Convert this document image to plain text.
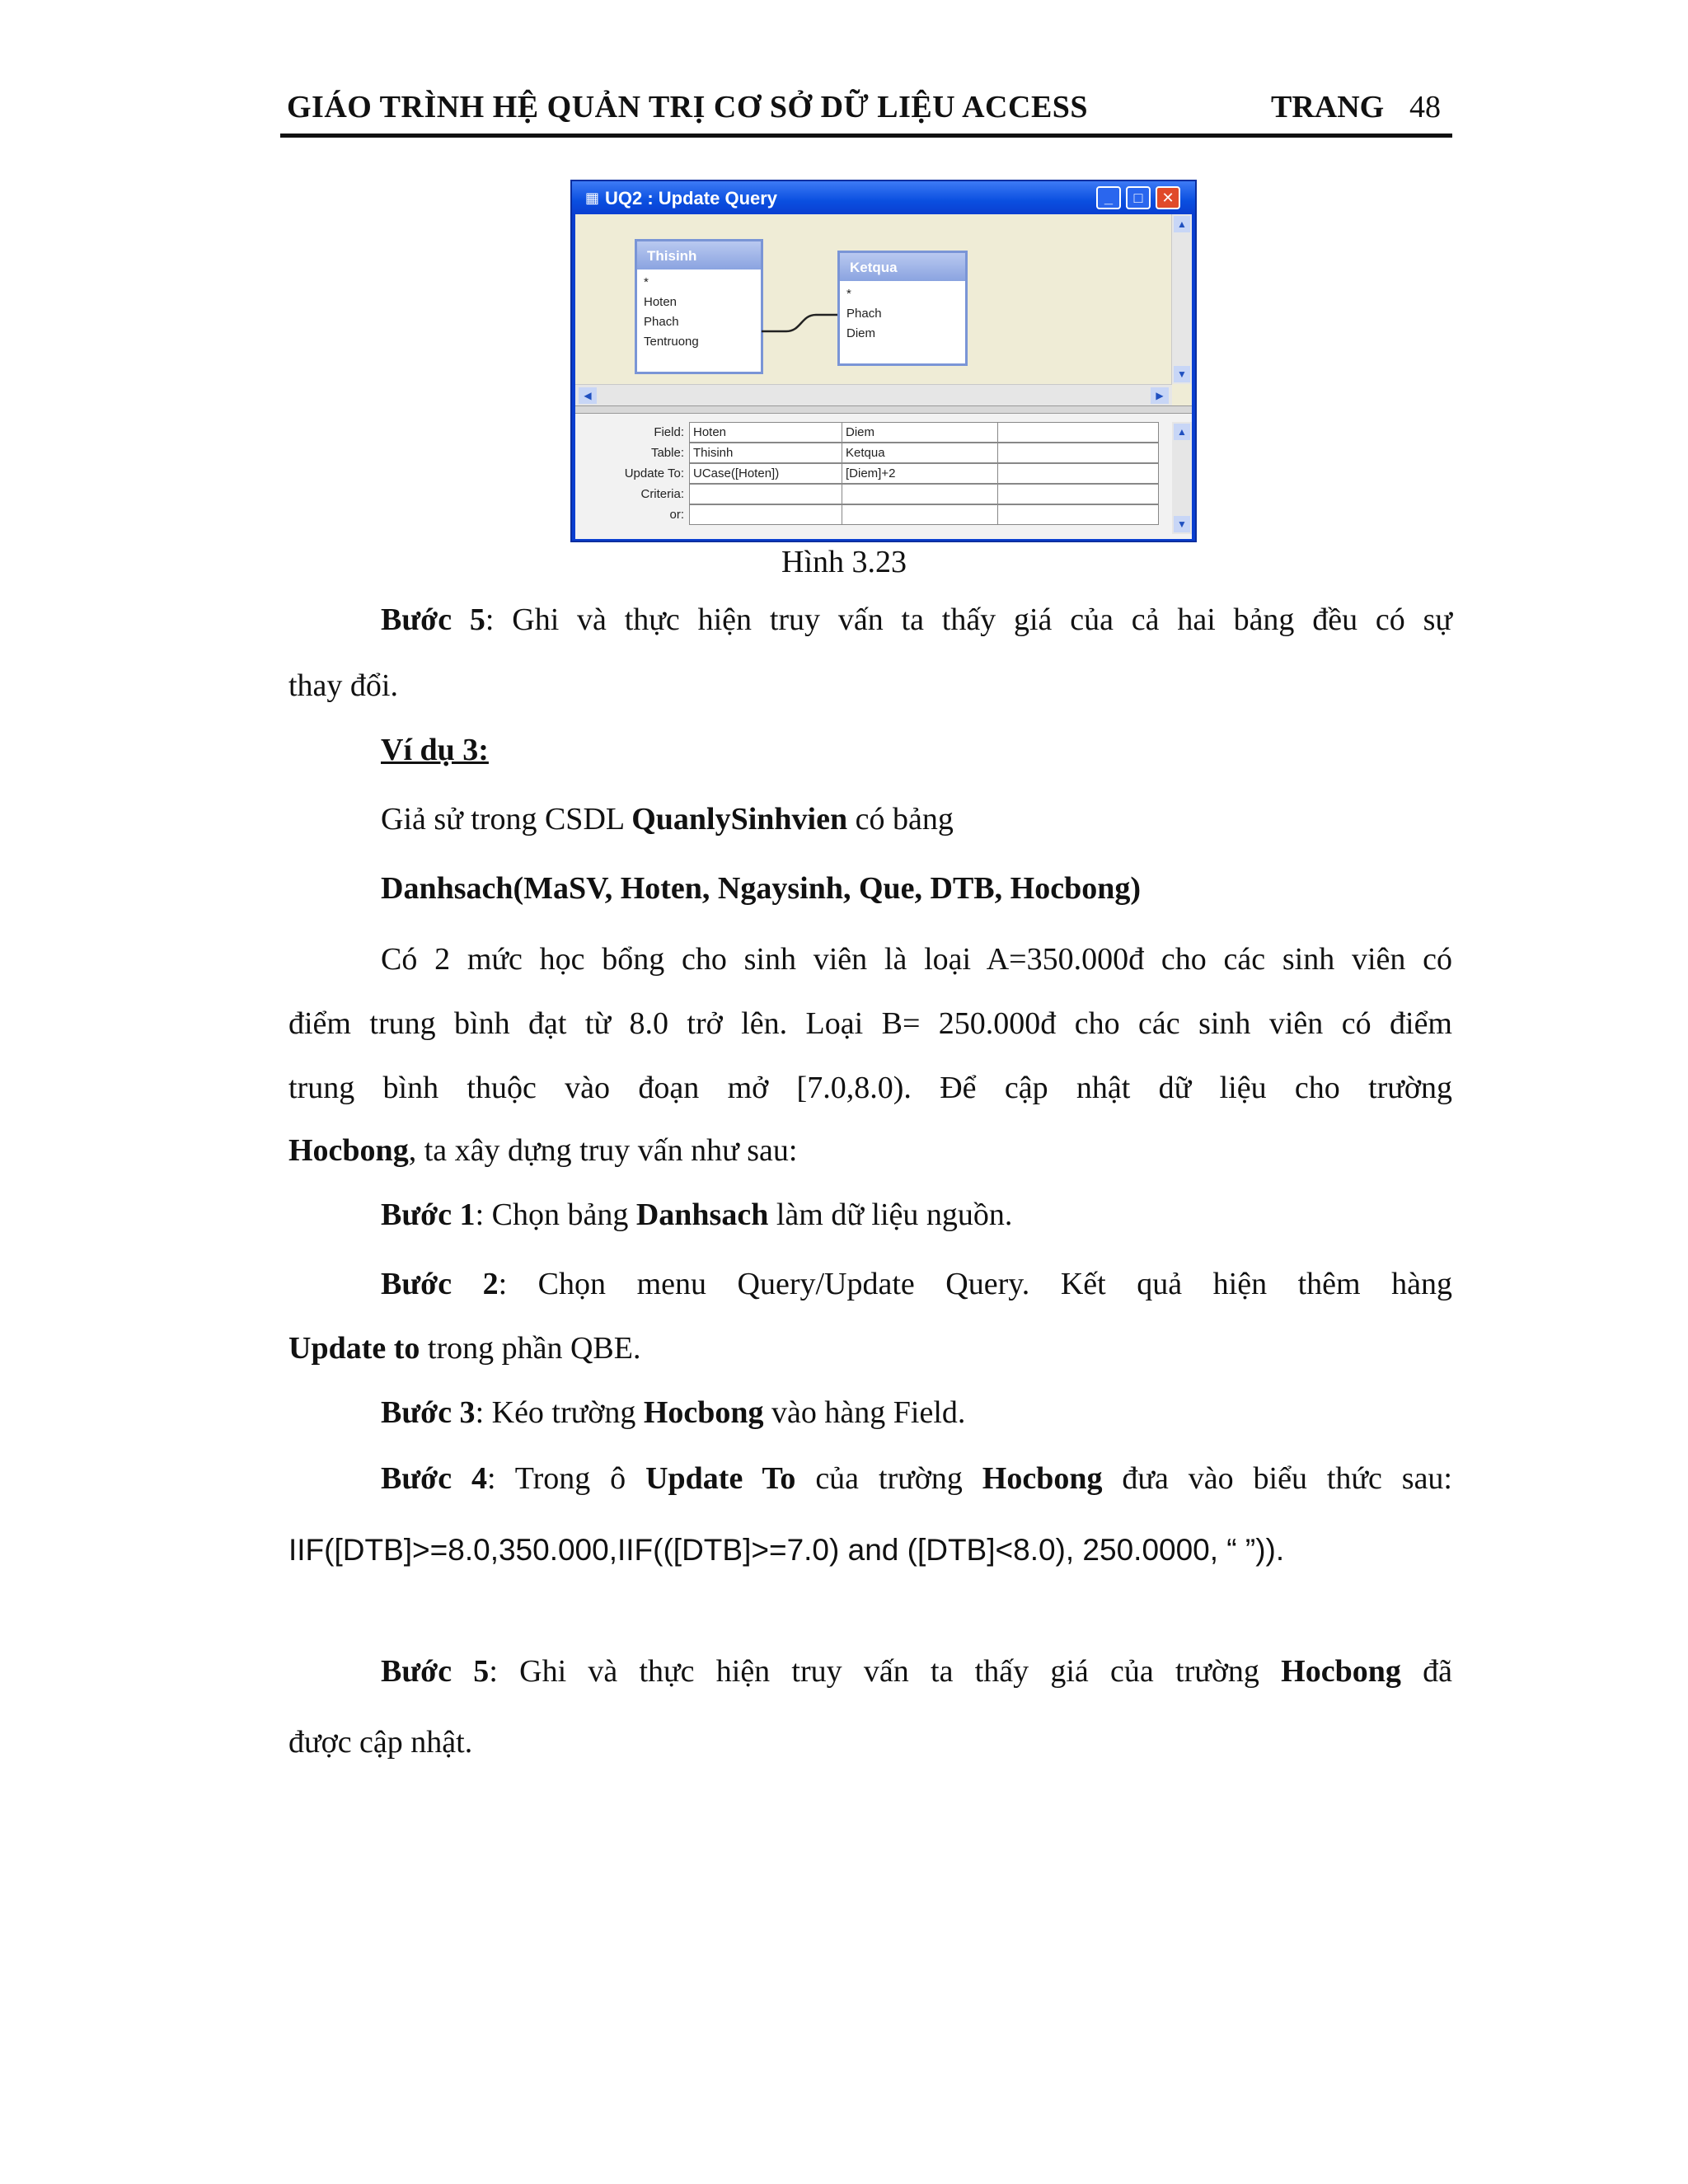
GIÁO TRÌNH HỆ QUẢN TRỊ CƠ SỞ DỮ LIỆU ACCESS	TRANG 48
▦ UQ2 : Update Query	_	□	✕
Thisinh
*
Hoten
Phach
Tentruong
Ketqua
*
Phach
Diem
▲
▼
◀	▶
Field: Hoten	Diem
Table: Thisinh	Ketqua
Update To: UCase([Hoten])	[Diem]+2
Criteria:
or:
▲
▼
Hình 3.23
Bước 5: Ghi và thực hiện truy vấn ta thấy giá của cả hai bảng đều có sự
thay đổi.
Ví dụ 3:
Giả sử trong CSDL QuanlySinhvien có bảng
Danhsach(MaSV, Hoten, Ngaysinh, Que, DTB, Hocbong)
Có 2 mức học bổng cho sinh viên là loại A=350.000đ cho các sinh viên có
điểm trung bình đạt từ 8.0 trở lên. Loại B= 250.000đ cho các sinh viên có điểm
trung bình thuộc vào đoạn mở [7.0,8.0). Để cập nhật dữ liệu cho trường
Hocbong, ta xây dựng truy vấn như sau:
Bước 1: Chọn bảng Danhsach làm dữ liệu nguồn.
Bước 2: Chọn menu Query/Update Query. Kết quả hiện thêm hàng
Update to trong phần QBE.
Bước 3: Kéo trường Hocbong vào hàng Field.
Bước 4: Trong ô Update To của trường Hocbong đưa vào biểu thức sau:
IIF([DTB]>=8.0,350.000,IIF(([DTB]>=7.0) and ([DTB]<8.0), 250.0000, “ ”)).
Bước 5: Ghi và thực hiện truy vấn ta thấy giá của trường Hocbong đã
được cập nhật.
